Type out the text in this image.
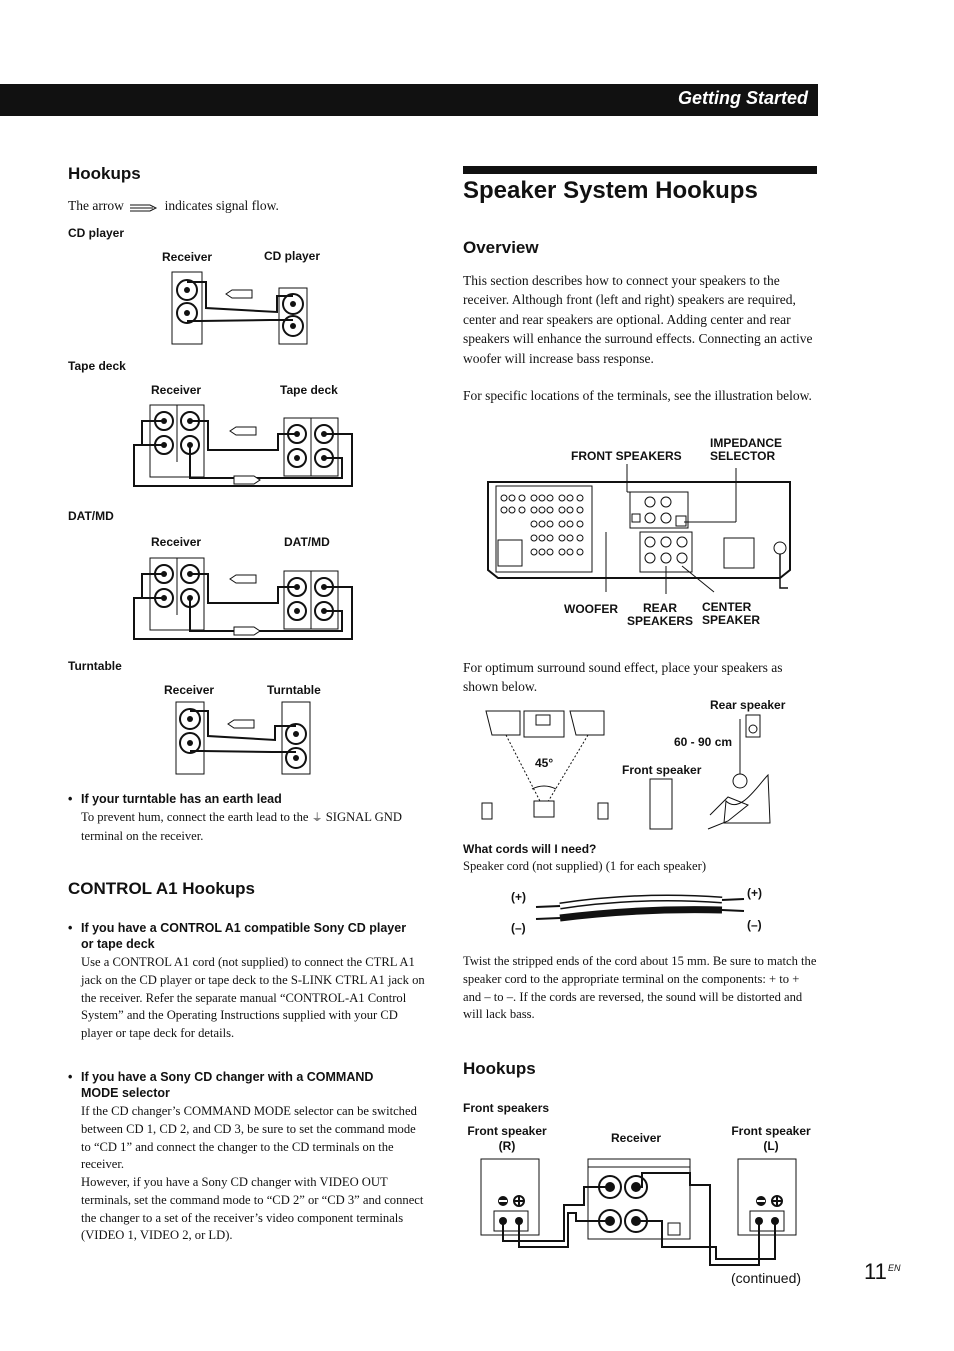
Getting Started
Hookups
The arrow	indicates signal flow.
CD player
Receiver	CD player
Tape deck
Receiver	Tape deck
DAT/MD
Receiver	DAT/MD
Turntable
Receiver	Turntable
• If your turntable has an earth lead
To prevent hum, connect the earth lead to the ⏚ SIGNAL GND terminal on the receiver.
CONTROL A1 Hookups
• If you have a CONTROL A1 compatible Sony CD player or tape deck
Use a CONTROL A1 cord (not supplied) to connect the CTRL A1 jack on the CD player or tape deck to the S-LINK CTRL A1 jack on the receiver. Refer the separate manual “CONTROL-A1 Control System” and the Operating Instructions supplied with your CD player or tape deck for details.
• If you have a Sony CD changer with a COMMAND MODE selector
If the CD changer’s COMMAND MODE selector can be switched between CD 1, CD 2, and CD 3, be sure to set the command mode to “CD 1” and connect the changer to the CD terminals on the receiver.
However, if you have a Sony CD changer with VIDEO OUT terminals, set the command mode to “CD 2” or “CD 3” and connect the changer to a set of the receiver’s video component terminals (VIDEO 1, VIDEO 2, or LD).
Speaker System Hookups
Overview
This section describes how to connect your speakers to the receiver. Although front (left and right) speakers are required, center and rear speakers are optional. Adding center and rear speakers will enhance the surround effects. Connecting an active woofer will increase bass response.
For specific locations of the terminals, see the illustration below.
FRONT SPEAKERS
IMPEDANCE
SELECTOR
WOOFER	REAR
SPEAKERS
CENTER
SPEAKER
For optimum surround sound effect, place your speakers as shown below.
Rear speaker
60 - 90 cm
45°	Front speaker
What cords will I need?
Speaker cord (not supplied) (1 for each speaker)
(+)
(–)
(+)
(–)
Twist the stripped ends of the cord about 15 mm. Be sure to match the speaker cord to the appropriate terminal on the components: + to + and – to –. If the cords are reversed, the sound will be distorted and will lack bass.
Hookups
Front speakers
Front speaker
(R)
Receiver	Front speaker
(L)
(continued)	11 EN
